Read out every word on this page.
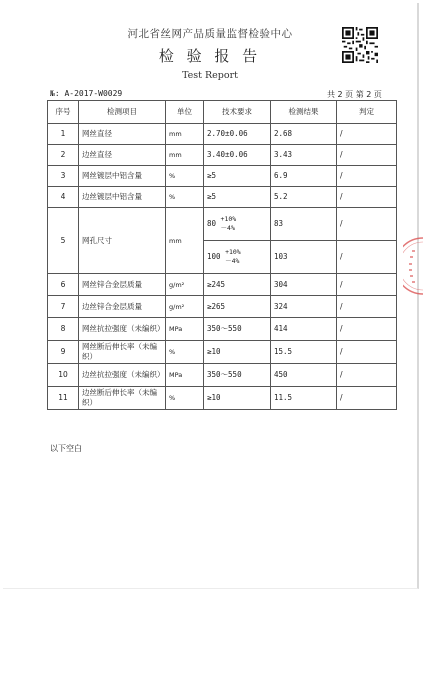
河北省丝网产品质量监督检验中心
检 验 报 告
Test Report
№: A-2017-W0029	共 2 页 第 2 页
序号	检测项目	单位	技术要求	检测结果	判定
1	网丝直径	mm	2.70±0.06	2.68	/
2	边丝直径	mm	3.40±0.06	3.43	/
3	网丝镀层中铝含量	%	≥5	6.9	/
4	边丝镀层中铝含量	%	≥5	5.2	/
5	网孔尺寸	mm	80 +10%
－4%	83	/
			100 +10%
－4%	103	/
6	网丝锌合金层质量	g/m²	≥245	304	/
7	边丝锌合金层质量	g/m²	≥265	324	/
8	网丝抗拉强度（未编织）	MPa	350～550	414	/
9	网丝断后伸长率（未编织）	%	≥10	15.5	/
10	边丝抗拉强度（未编织）	MPa	350～550	450	/
11	边丝断后伸长率（未编织）	%	≥10	11.5	/
以下空白
